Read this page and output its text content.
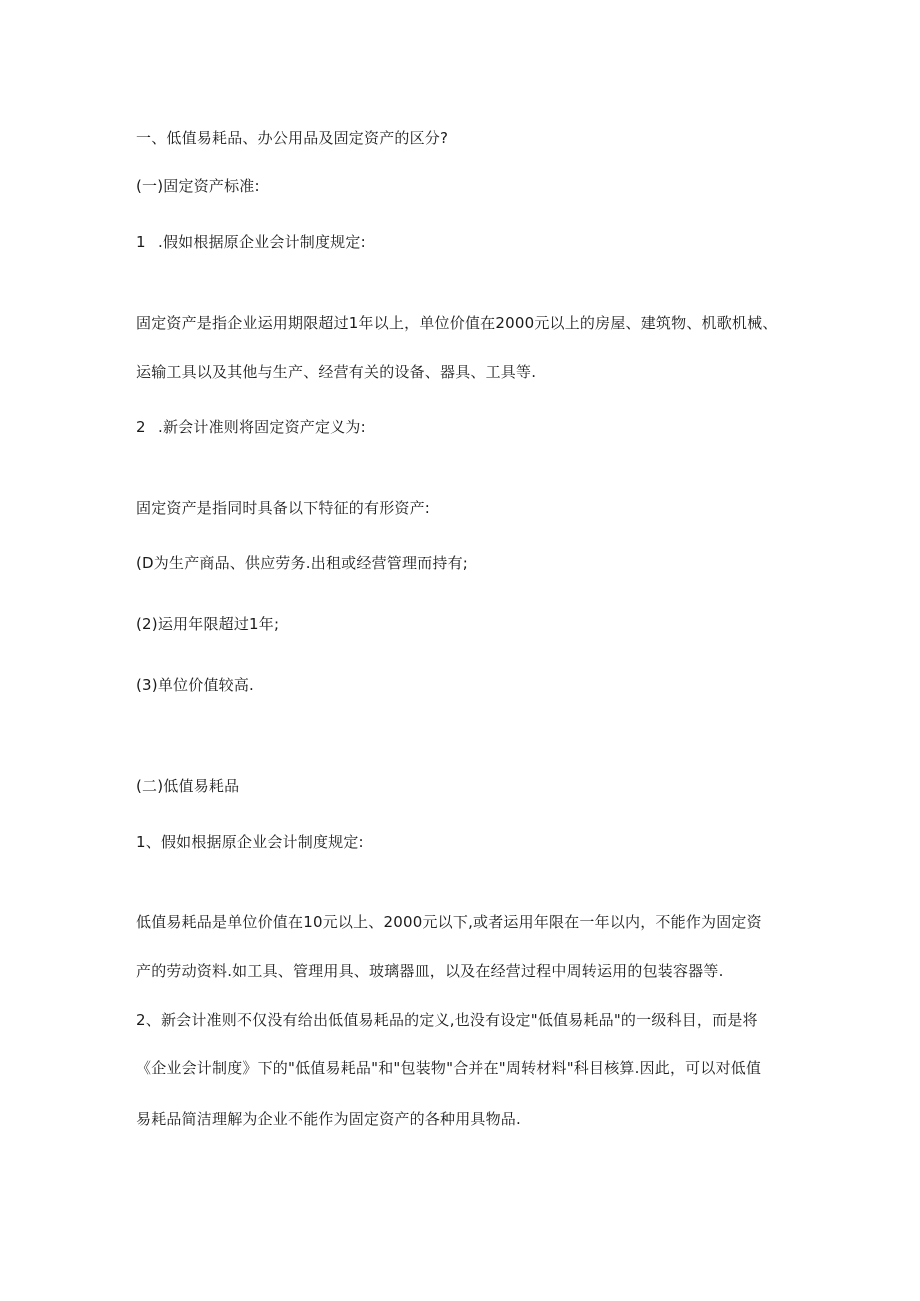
一、低值易耗品、办公用品及固定资产的区分?
(一)固定资产标准:
1 .假如根据原企业会计制度规定:
固定资产是指企业运用期限超过1年以上，单位价值在2000元以上的房屋、建筑物、机歌机械、
运输工具以及其他与生产、经营有关的设备、器具、工具等.
2 .新会计准则将固定资产定义为:
固定资产是指同时具备以下特征的有形资产:
(D为生产商品、供应劳务.出租或经营管理而持有;
(2)运用年限超过1年;
(3)单位价值较高.
(二)低值易耗品
1、假如根据原企业会计制度规定:
低值易耗品是单位价值在10元以上、2000元以下,或者运用年限在一年以内，不能作为固定资
产的劳动资料.如工具、管理用具、玻璃器皿，以及在经营过程中周转运用的包装容器等.
2、新会计准则不仅没有给出低值易耗品的定义,也没有设定"低值易耗品"的一级科目，而是将
《企业会计制度》下的"低值易耗品"和"包装物"合并在"周转材料"科目核算.因此，可以对低值
易耗品简洁理解为企业不能作为固定资产的各种用具物品.
